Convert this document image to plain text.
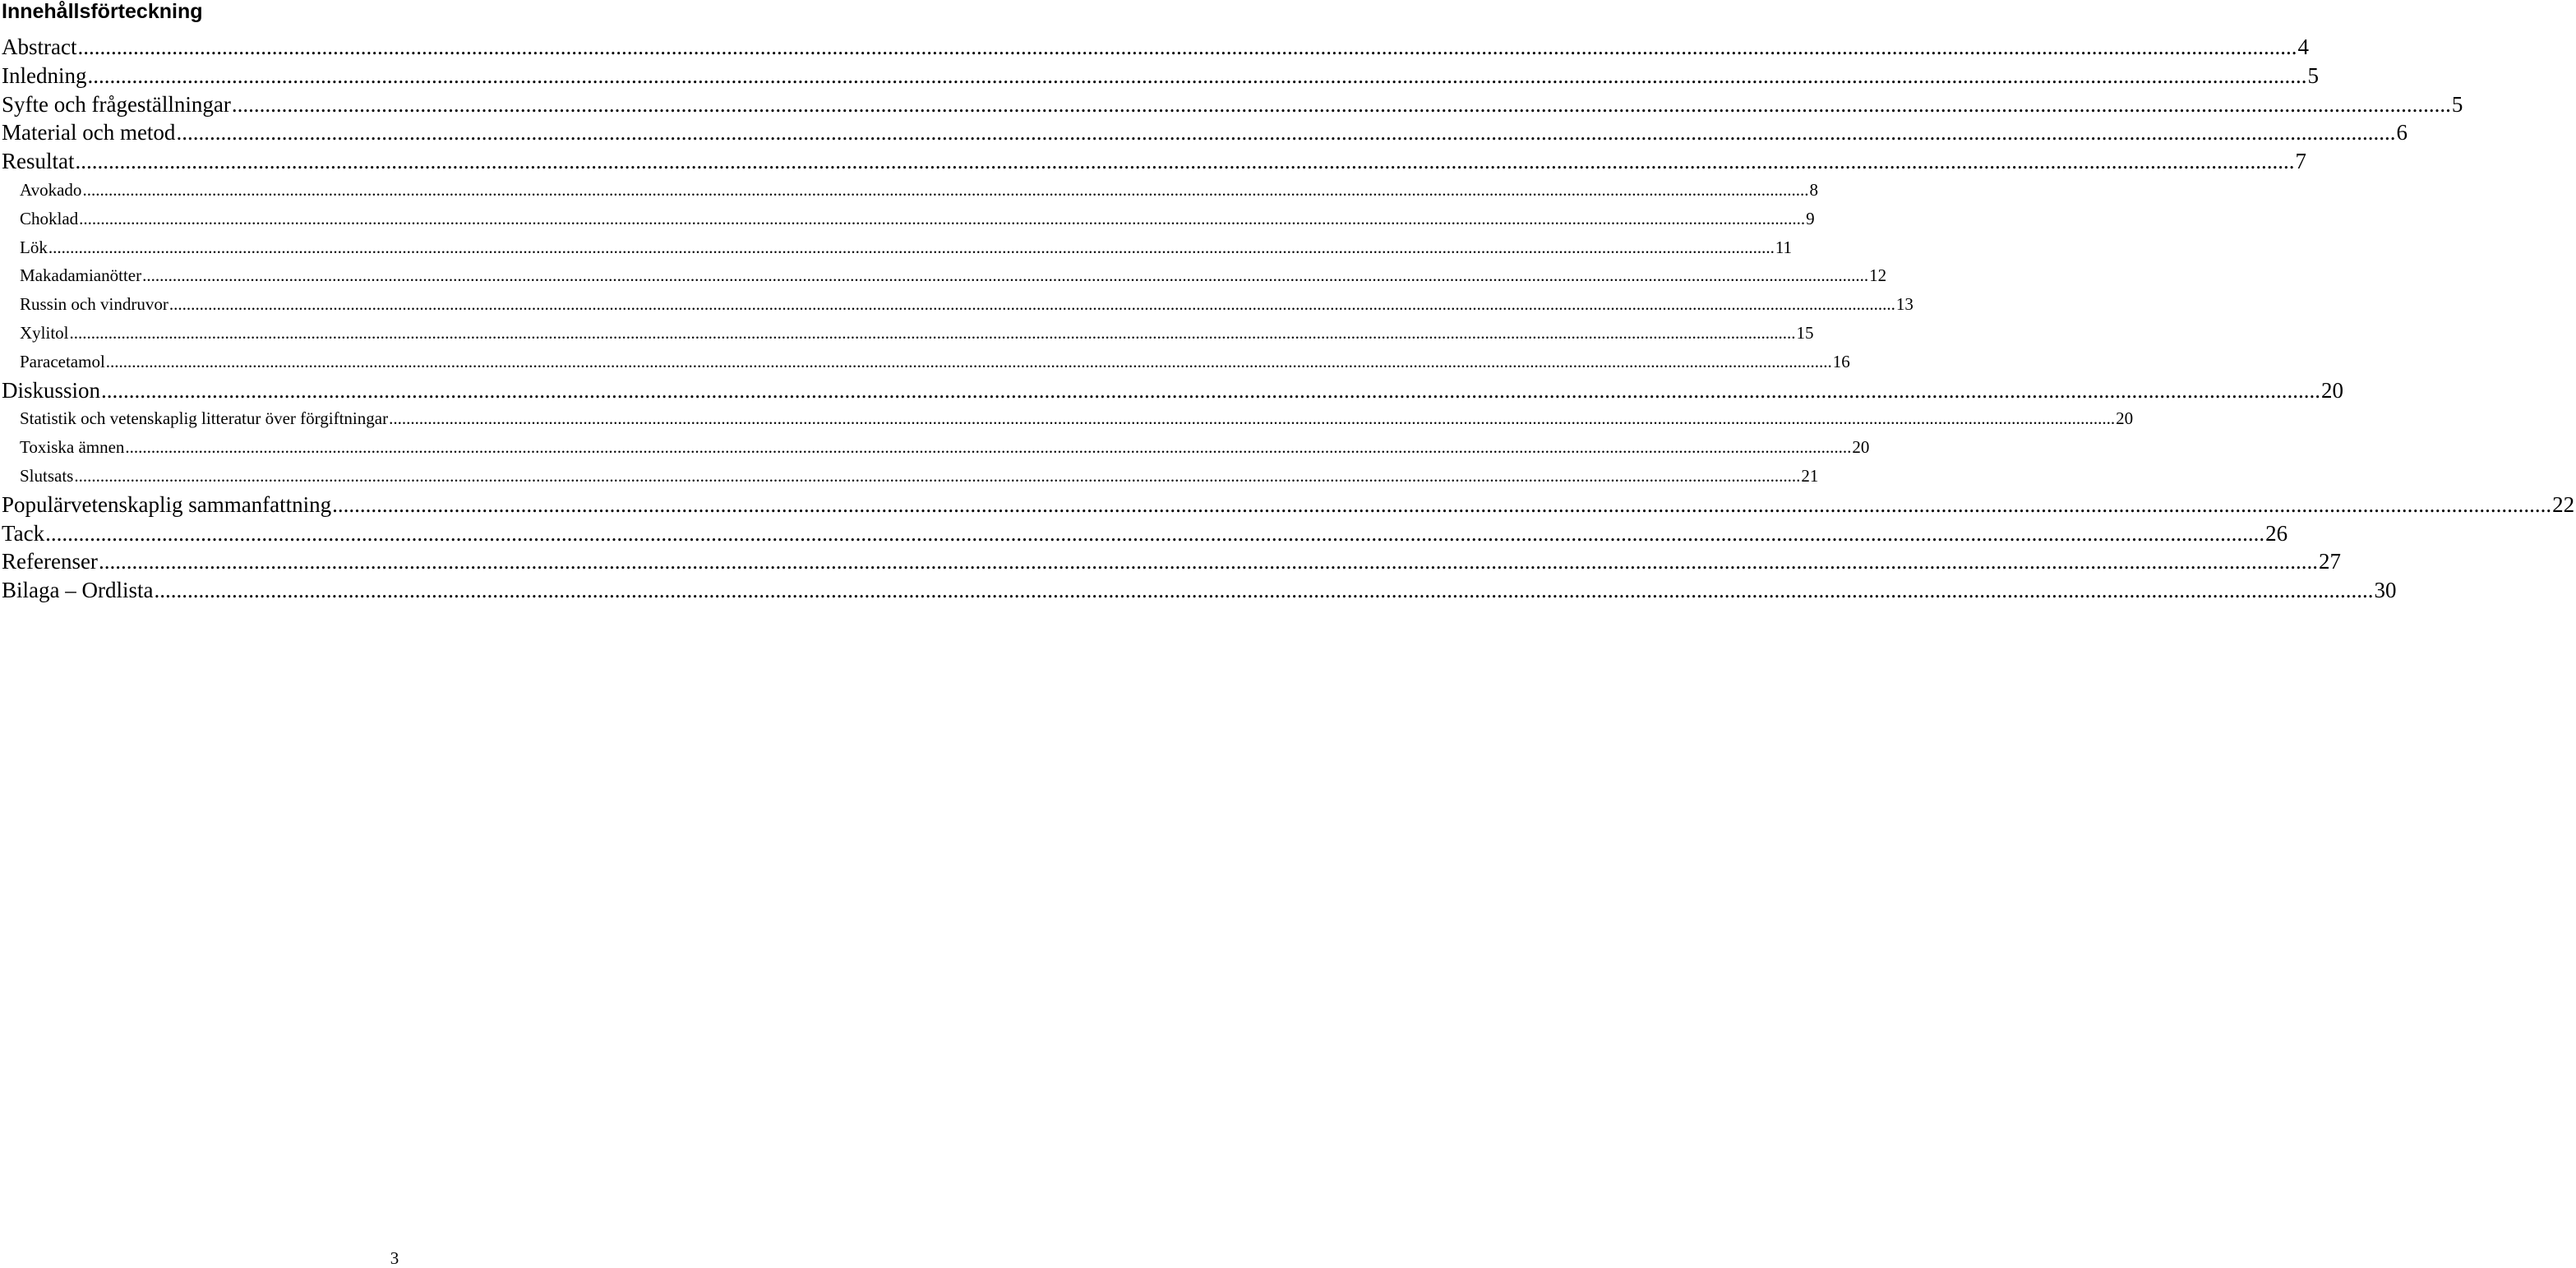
Innehållsförteckning
Abstract ................................................................................................................................................................................................................................................................................................................................................................................................................ 4
Inledning ................................................................................................................................................................................................................................................................................................................................................................................................................ 5
Syfte och frågeställningar ................................................................................................................................................................................................................................................................................................................................................................................................................ 5
Material och metod ................................................................................................................................................................................................................................................................................................................................................................................................................ 6
Resultat ................................................................................................................................................................................................................................................................................................................................................................................................................ 7
Avokado ................................................................................................................................................................................................................................................................................................................................................................................................................ 8
Choklad ................................................................................................................................................................................................................................................................................................................................................................................................................ 9
Lök ................................................................................................................................................................................................................................................................................................................................................................................................................ 11
Makadamianötter ................................................................................................................................................................................................................................................................................................................................................................................................................ 12
Russin och vindruvor ................................................................................................................................................................................................................................................................................................................................................................................................................ 13
Xylitol ................................................................................................................................................................................................................................................................................................................................................................................................................ 15
Paracetamol ................................................................................................................................................................................................................................................................................................................................................................................................................ 16
Diskussion ................................................................................................................................................................................................................................................................................................................................................................................................................ 20
Statistik och vetenskaplig litteratur över förgiftningar ................................................................................................................................................................................................................................................................................................................................................................................................................ 20
Toxiska ämnen ................................................................................................................................................................................................................................................................................................................................................................................................................ 20
Slutsats ................................................................................................................................................................................................................................................................................................................................................................................................................ 21
Populärvetenskaplig sammanfattning ................................................................................................................................................................................................................................................................................................................................................................................................................ 22
Tack ................................................................................................................................................................................................................................................................................................................................................................................................................ 26
Referenser ................................................................................................................................................................................................................................................................................................................................................................................................................ 27
Bilaga – Ordlista ................................................................................................................................................................................................................................................................................................................................................................................................................ 30
3
